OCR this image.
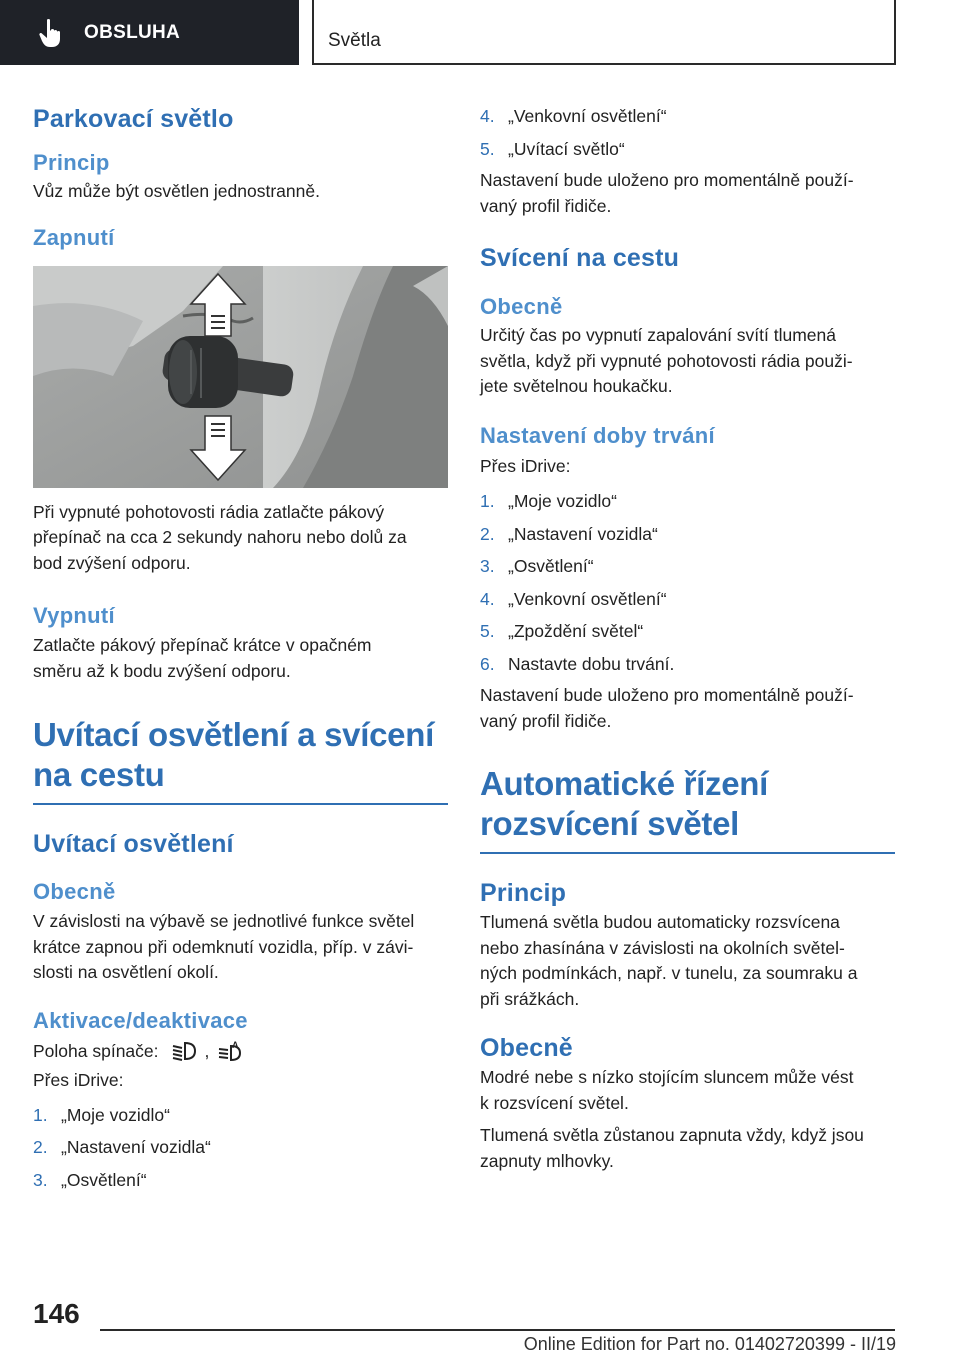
OBSLUHA	Světla
Parkovací světlo
Princip

Vůz může být osvětlen jednostranně.

Zapnutí

Při vypnuté pohotovosti rádia zatlačte pákový

přepínač na cca 2 sekundy nahoru nebo dolů za

bod zvýšení odporu.

Vypnutí

Zatlačte pákový přepínač krátce v opačném

směru až k bodu zvýšení odporu.

Uvítací osvětlení a svícení
na cestu
Uvítací osvětlení
Obecně

V závislosti na výbavě se jednotlivé funkce světel

krátce zapnou při odemknutí vozidla, příp. v závi‐

slosti na osvětlení okolí.

Aktivace/deaktivace

Poloha spínače:	,	A

Přes iDrive:

1. „Moje vozidlo“
2. „Nastavení vozidla“
3. „Osvětlení“
4. „Venkovní osvětlení“
5. „Uvítací světlo“

Nastavení bude uloženo pro momentálně použí‐

vaný profil řidiče.

Svícení na cestu
Obecně

Určitý čas po vypnutí zapalování svítí tlumená

světla, když při vypnuté pohotovosti rádia použi‐

jete světelnou houkačku.

Nastavení doby trvání

Přes iDrive:

1. „Moje vozidlo“
2. „Nastavení vozidla“
3. „Osvětlení“
4. „Venkovní osvětlení“
5. „Zpoždění světel“
6. Nastavte dobu trvání.

Nastavení bude uloženo pro momentálně použí‐

vaný profil řidiče.

Automatické řízení
rozsvícení světel
Princip

Tlumená světla budou automaticky rozsvícena

nebo zhasínána v závislosti na okolních světel‐

ných podmínkách, např. v tunelu, za soumraku a

při srážkách.

Obecně

Modré nebe s nízko stojícím sluncem může vést

k rozsvícení světel.

Tlumená světla zůstanou zapnuta vždy, když jsou

zapnuty mlhovky.

146
Online Edition for Part no. 01402720399 - II/19
